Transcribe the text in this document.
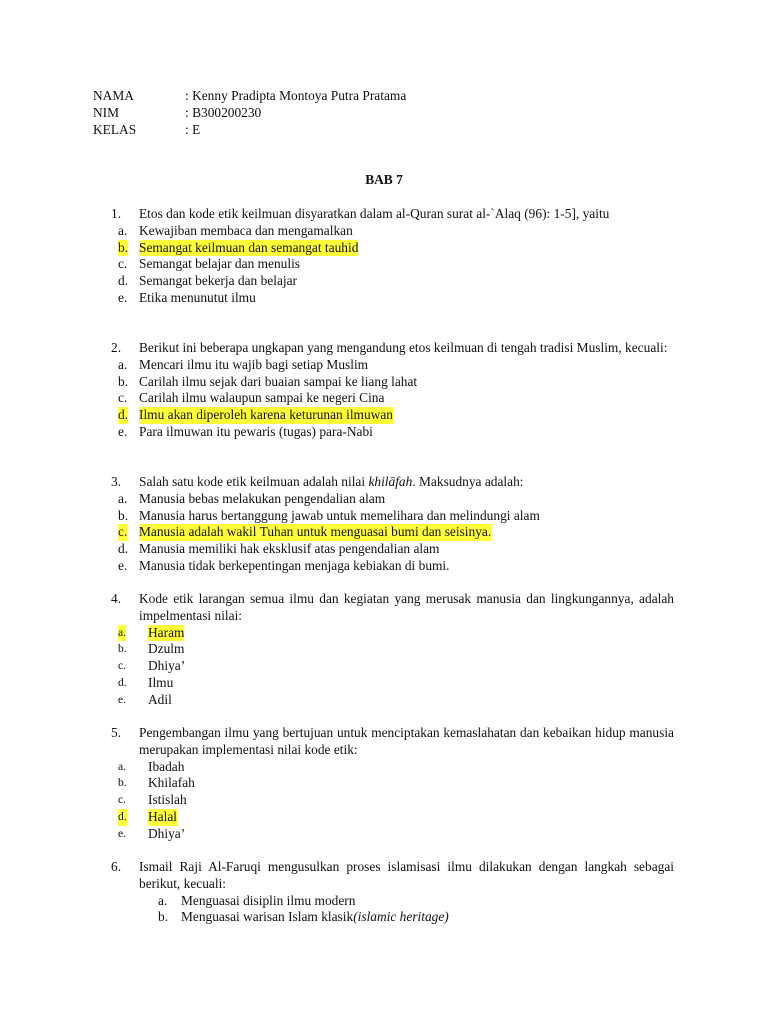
NAMA	: Kenny Pradipta Montoya Putra Pratama
NIM	: B300200230
KELAS	: E
BAB 7
1.	Etos dan kode etik keilmuan disyaratkan dalam al-Quran surat al-`Alaq (96): 1-5], yaitu
a. Kewajiban membaca dan mengamalkan
b. Semangat keilmuan dan semangat tauhid
c. Semangat belajar dan menulis
d. Semangat bekerja dan belajar
e. Etika menunutut ilmu
2.	Berikut ini beberapa ungkapan yang mengandung etos keilmuan di tengah tradisi Muslim, kecuali:
a. Mencari ilmu itu wajib bagi setiap Muslim
b. Carilah ilmu sejak dari buaian sampai ke liang lahat
c. Carilah ilmu walaupun sampai ke negeri Cina
d. Ilmu akan diperoleh karena keturunan ilmuwan
e. Para ilmuwan itu pewaris (tugas) para-Nabi
3.	Salah satu kode etik keilmuan adalah nilai khilāfah. Maksudnya adalah:
a. Manusia bebas melakukan pengendalian alam
b. Manusia harus bertanggung jawab untuk memelihara dan melindungi alam
c. Manusia adalah wakil Tuhan untuk menguasai bumi dan seisinya.
d. Manusia memiliki hak eksklusif atas pengendalian alam
e. Manusia tidak berkepentingan menjaga kebiakan di bumi.
4.	Kode etik larangan semua ilmu dan kegiatan yang merusak manusia dan lingkungannya, adalah impelmentasi nilai:
a. Haram
b. Dzulm
c. Dhiya’
d. Ilmu
e. Adil
5.	Pengembangan ilmu yang bertujuan untuk menciptakan kemaslahatan dan kebaikan hidup manusia merupakan implementasi nilai kode etik:
a. Ibadah
b. Khilafah
c. Istislah
d. Halal
e. Dhiya’
6.	Ismail Raji Al-Faruqi mengusulkan proses islamisasi ilmu dilakukan dengan langkah sebagai berikut, kecuali:
a. Menguasai disiplin ilmu modern
b. Menguasai warisan Islam klasik(islamic heritage)
